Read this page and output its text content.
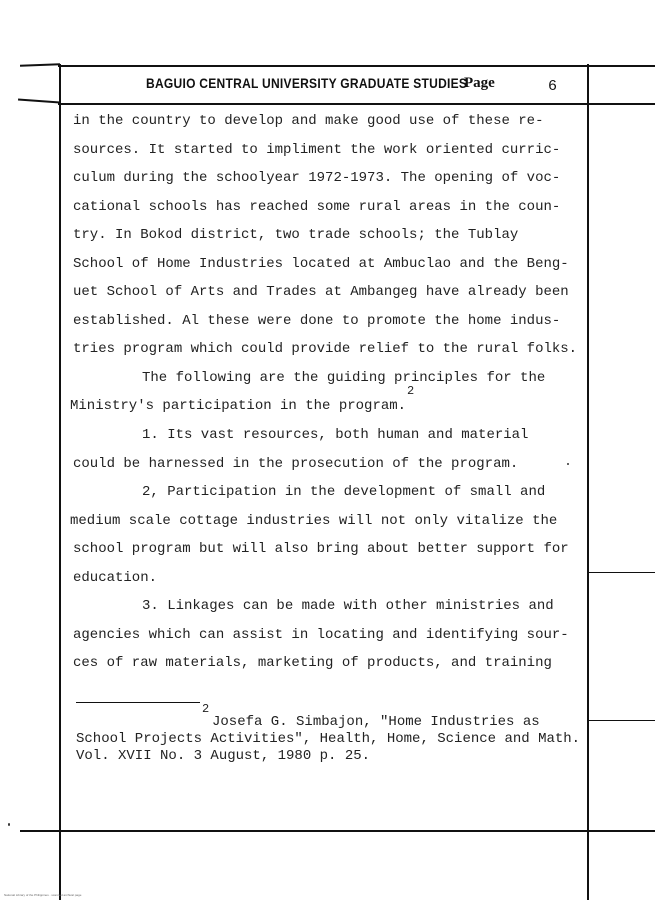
BAGUIO CENTRAL UNIVERSITY GRADUATE STUDIES
Page	6
in the country to develop and make good use of these re-
sources. It started to impliment the work oriented curric-
culum during the schoolyear 1972-1973. The opening of voc-
cational schools has reached some rural areas in the coun-
try. In Bokod district, two trade schools; the Tublay
School of Home Industries located at Ambuclao and the Beng-
uet School of Arts and Trades at Ambangeg have already been
established. Al these were done to promote the home indus-
tries program which could provide relief to the rural folks.
The following are the guiding principles for the
2
Ministry's participation in the program.
1. Its vast resources, both human and material
could be harnessed in the prosecution of the program.
2, Participation in the development of small and
medium scale cottage industries will not only vitalize the
school program but will also bring about better support for
education.
3. Linkages can be made with other ministries and
agencies which can assist in locating and identifying sour-
ces of raw materials, marketing of products, and training
2
Josefa G. Simbajon, "Home Industries as
School Projects Activities", Health, Home, Science and Math.
Vol. XVII No. 3 August, 1980 p. 25.
National Library of the Philippines · scanned archival page
